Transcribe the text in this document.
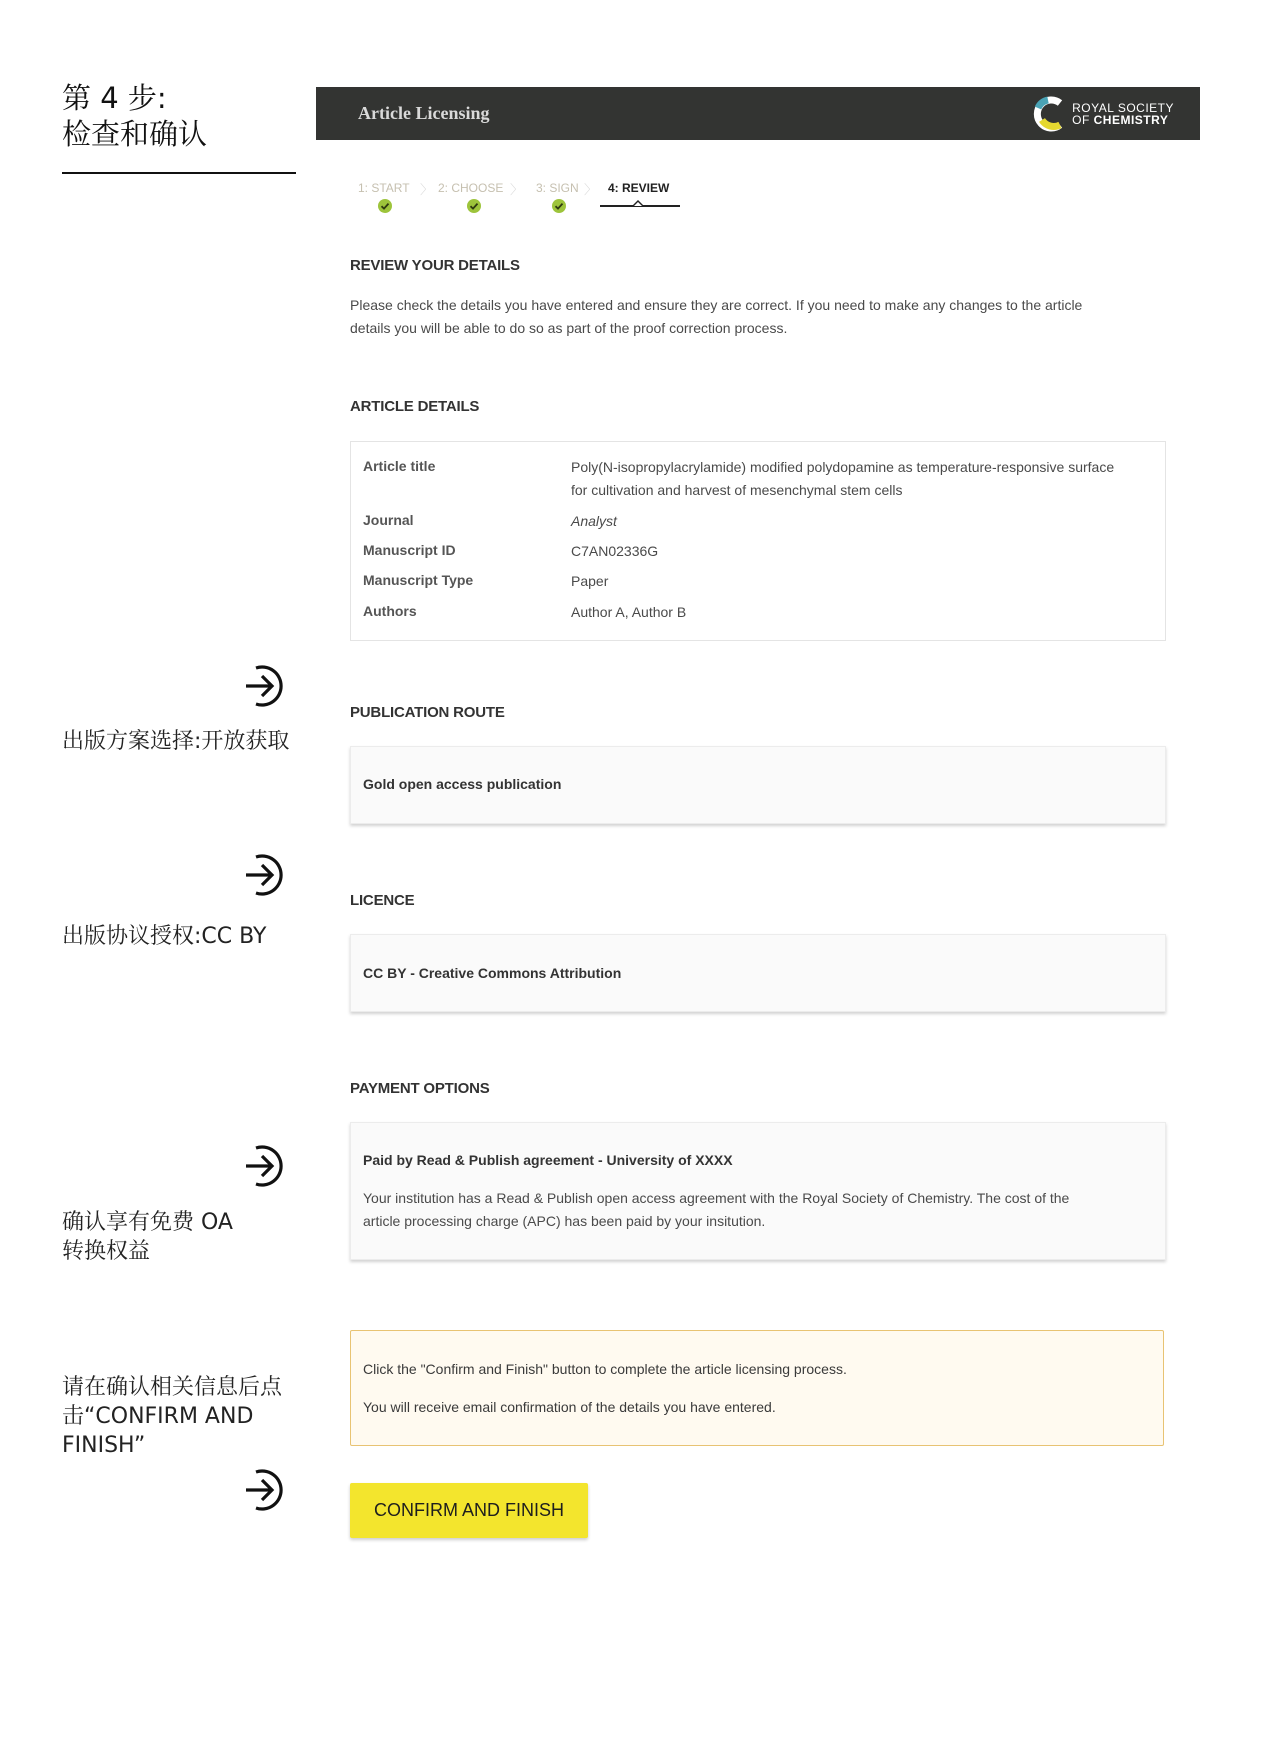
第 4 步:
检查和确认
出版方案选择:开放获取
出版协议授权:CC BY
确认享有免费 OA
转换权益
请在确认相关信息后点
击“CONFIRM AND
FINISH”
Article Licensing	ROYAL SOCIETY
OF CHEMISTRY
1: START 〉 2: CHOOSE 〉 3: SIGN 〉 4: REVIEW
REVIEW YOUR DETAILS
Please check the details you have entered and ensure they are correct. If you need to make any changes to the article
details you will be able to do so as part of the proof correction process.
ARTICLE DETAILS
Article title	Poly(N-isopropylacrylamide) modified polydopamine as temperature-responsive surface
for cultivation and harvest of mesenchymal stem cells
Journal	Analyst
Manuscript ID	C7AN02336G
Manuscript Type	Paper
Authors	Author A, Author B
PUBLICATION ROUTE
Gold open access publication
LICENCE
CC BY - Creative Commons Attribution
PAYMENT OPTIONS
Paid by Read & Publish agreement - University of XXXX
Your institution has a Read & Publish open access agreement with the Royal Society of Chemistry. The cost of the
article processing charge (APC) has been paid by your insitution.
Click the "Confirm and Finish" button to complete the article licensing process.
You will receive email confirmation of the details you have entered.
CONFIRM AND FINISH
